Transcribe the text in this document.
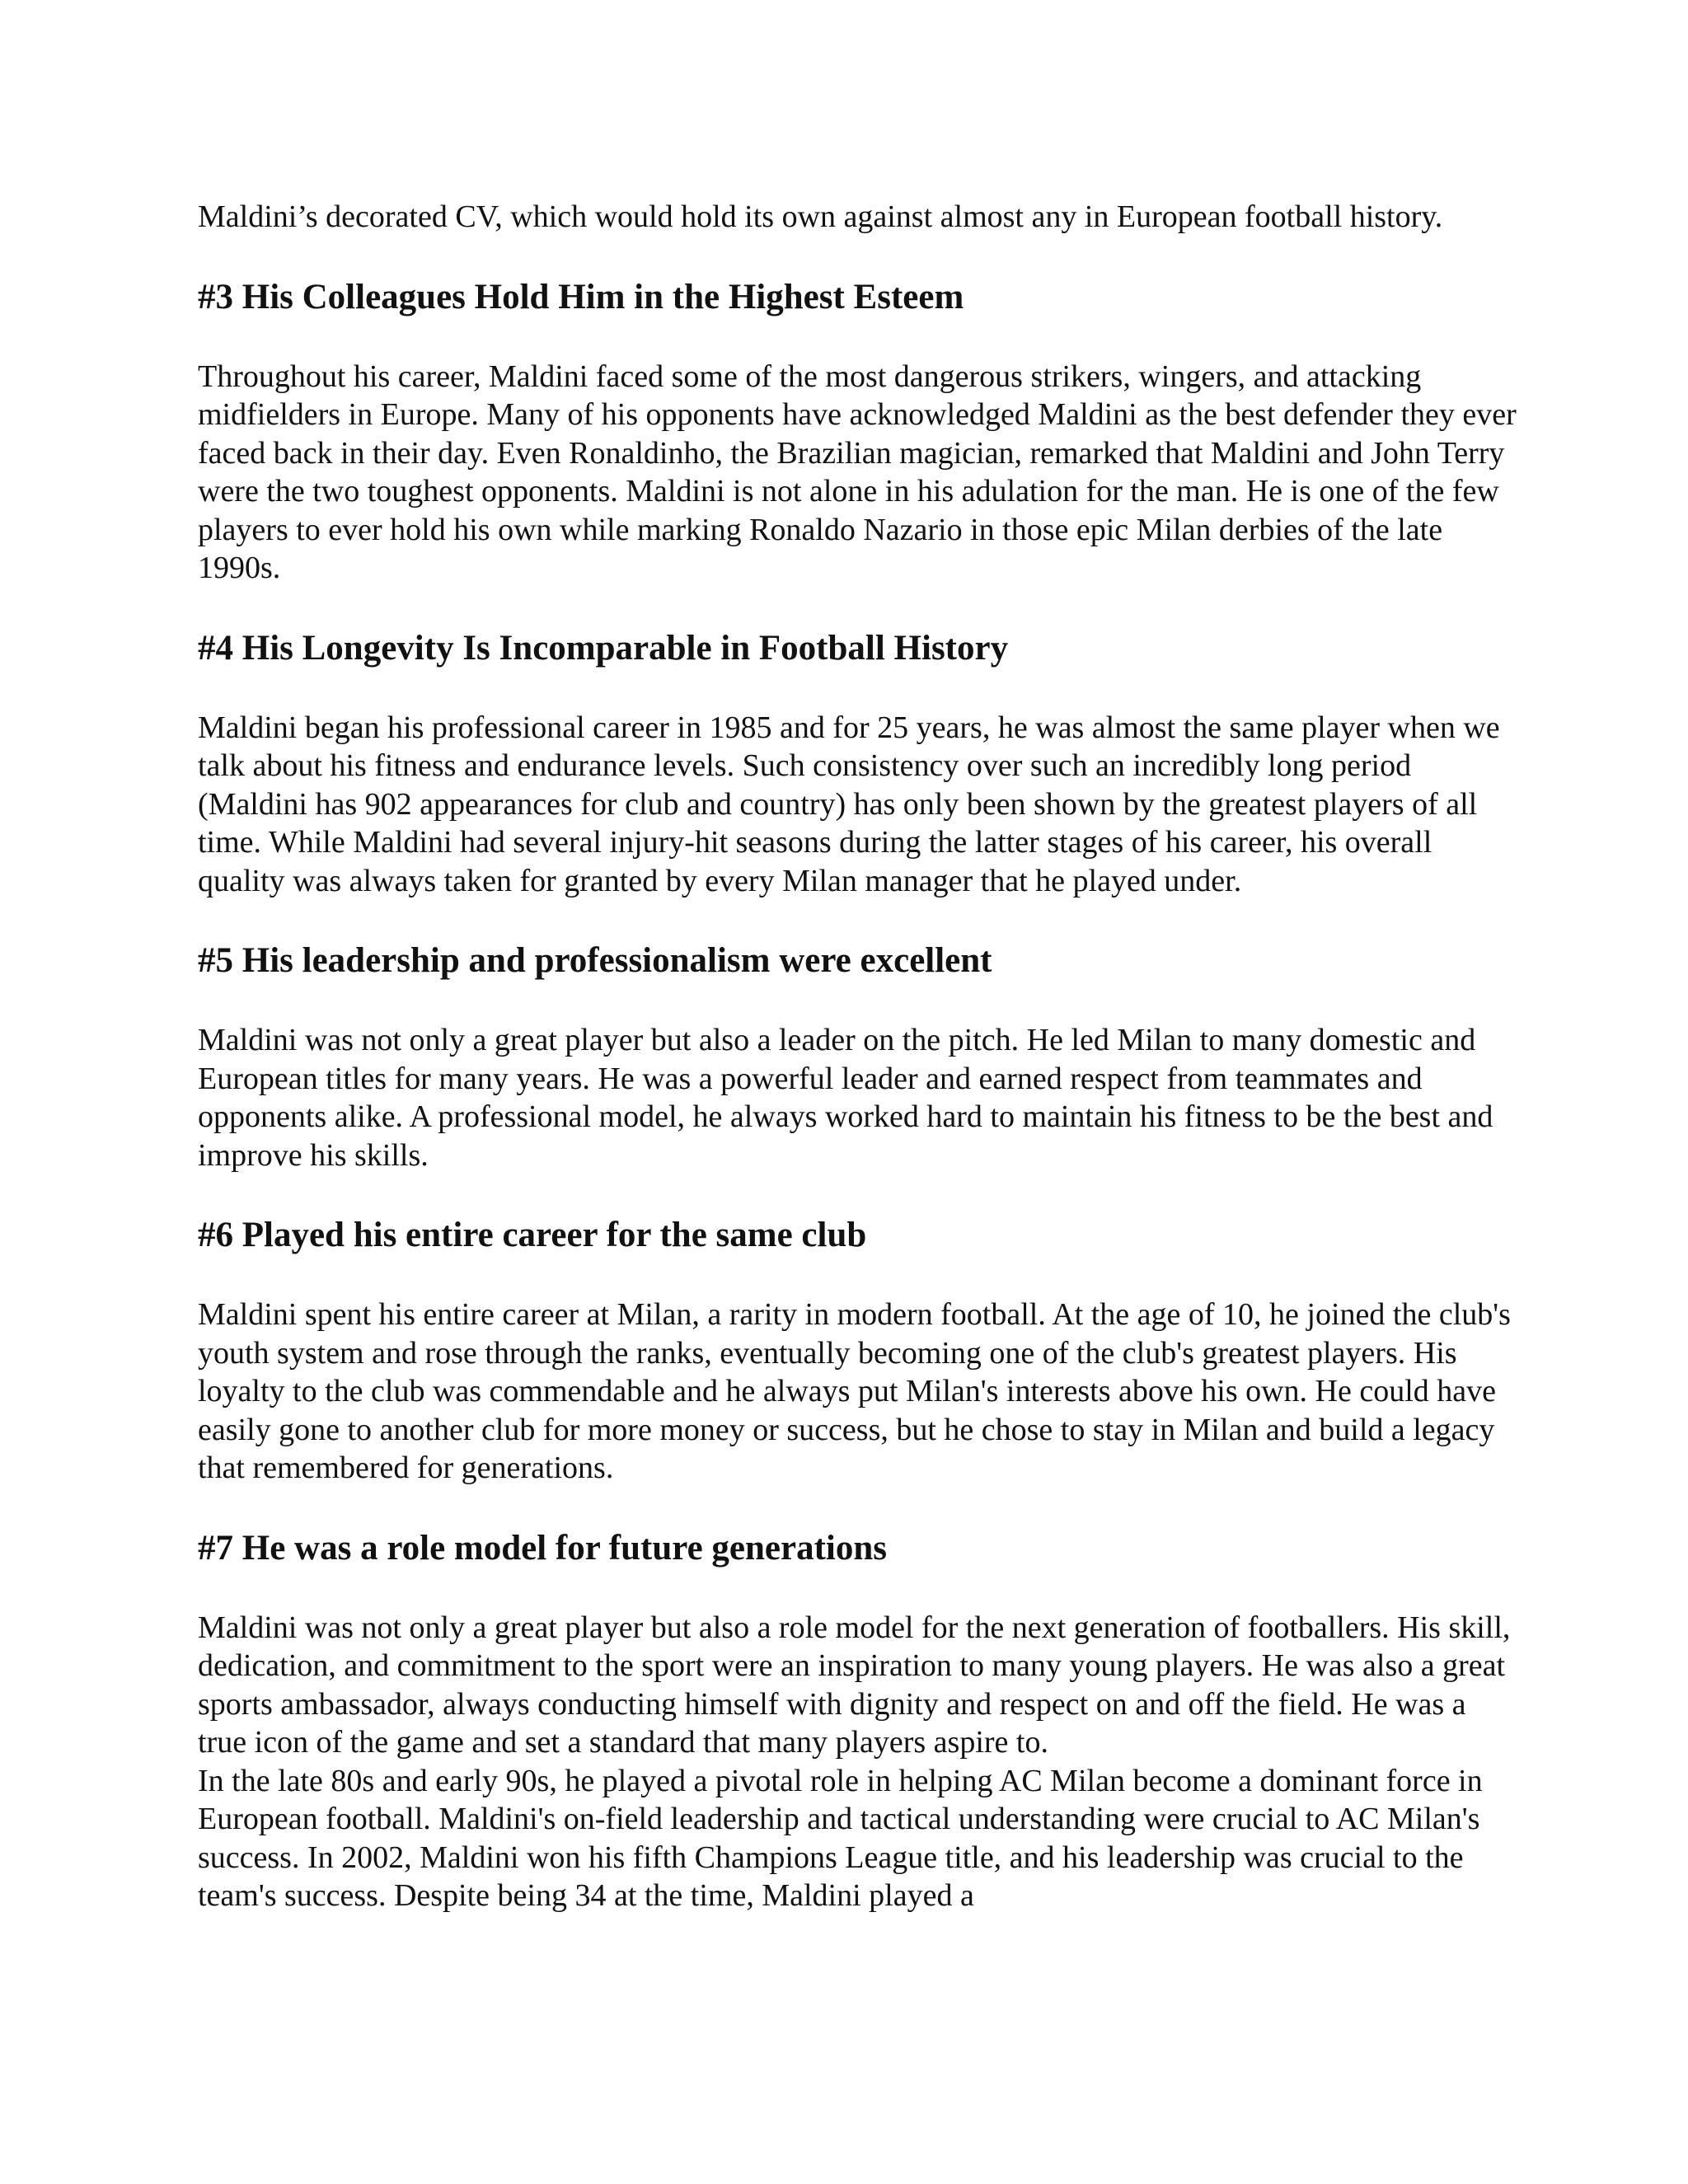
Maldini’s decorated CV, which would hold its own against almost any in European football history.

#3 His Colleagues Hold Him in the Highest Esteem

Throughout his career, Maldini faced some of the most dangerous strikers, wingers, and attacking midfielders in Europe. Many of his opponents have acknowledged Maldini as the best defender they ever faced back in their day. Even Ronaldinho, the Brazilian magician, remarked that Maldini and John Terry were the two toughest opponents. Maldini is not alone in his adulation for the man. He is one of the few players to ever hold his own while marking Ronaldo Nazario in those epic Milan derbies of the late 1990s.

#4 His Longevity Is Incomparable in Football History

Maldini began his professional career in 1985 and for 25 years, he was almost the same player when we talk about his fitness and endurance levels. Such consistency over such an incredibly long period (Maldini has 902 appearances for club and country) has only been shown by the greatest players of all time. While Maldini had several injury-hit seasons during the latter stages of his career, his overall quality was always taken for granted by every Milan manager that he played under.

#5 His leadership and professionalism were excellent

Maldini was not only a great player but also a leader on the pitch. He led Milan to many domestic and European titles for many years. He was a powerful leader and earned respect from teammates and opponents alike. A professional model, he always worked hard to maintain his fitness to be the best and improve his skills.

#6 Played his entire career for the same club

Maldini spent his entire career at Milan, a rarity in modern football. At the age of 10, he joined the club's youth system and rose through the ranks, eventually becoming one of the club's greatest players. His loyalty to the club was commendable and he always put Milan's interests above his own. He could have easily gone to another club for more money or success, but he chose to stay in Milan and build a legacy that remembered for generations.

#7 He was a role model for future generations

Maldini was not only a great player but also a role model for the next generation of footballers. His skill, dedication, and commitment to the sport were an inspiration to many young players. He was also a great sports ambassador, always conducting himself with dignity and respect on and off the field. He was a true icon of the game and set a standard that many players aspire to.

In the late 80s and early 90s, he played a pivotal role in helping AC Milan become a dominant force in European football. Maldini's on-field leadership and tactical understanding were crucial to AC Milan's success. In 2002, Maldini won his fifth Champions League title, and his leadership was crucial to the team's success. Despite being 34 at the time, Maldini played a
